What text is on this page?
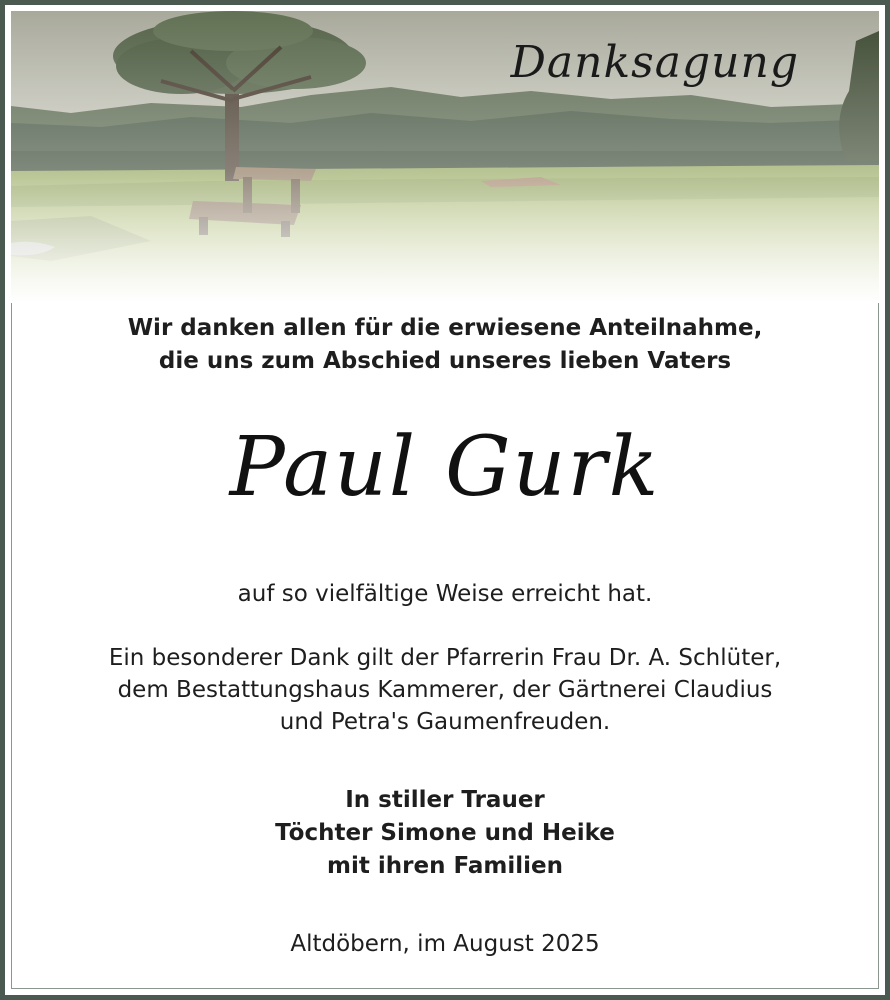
Danksagung
Wir danken allen für die erwiesene Anteilnahme,
die uns zum Abschied unseres lieben Vaters
Paul Gurk
auf so vielfältige Weise erreicht hat.
Ein besonderer Dank gilt der Pfarrerin Frau Dr. A. Schlüter,
dem Bestattungshaus Kammerer, der Gärtnerei Claudius
und Petra's Gaumenfreuden.
In stiller Trauer
Töchter Simone und Heike
mit ihren Familien
Altdöbern, im August 2025
